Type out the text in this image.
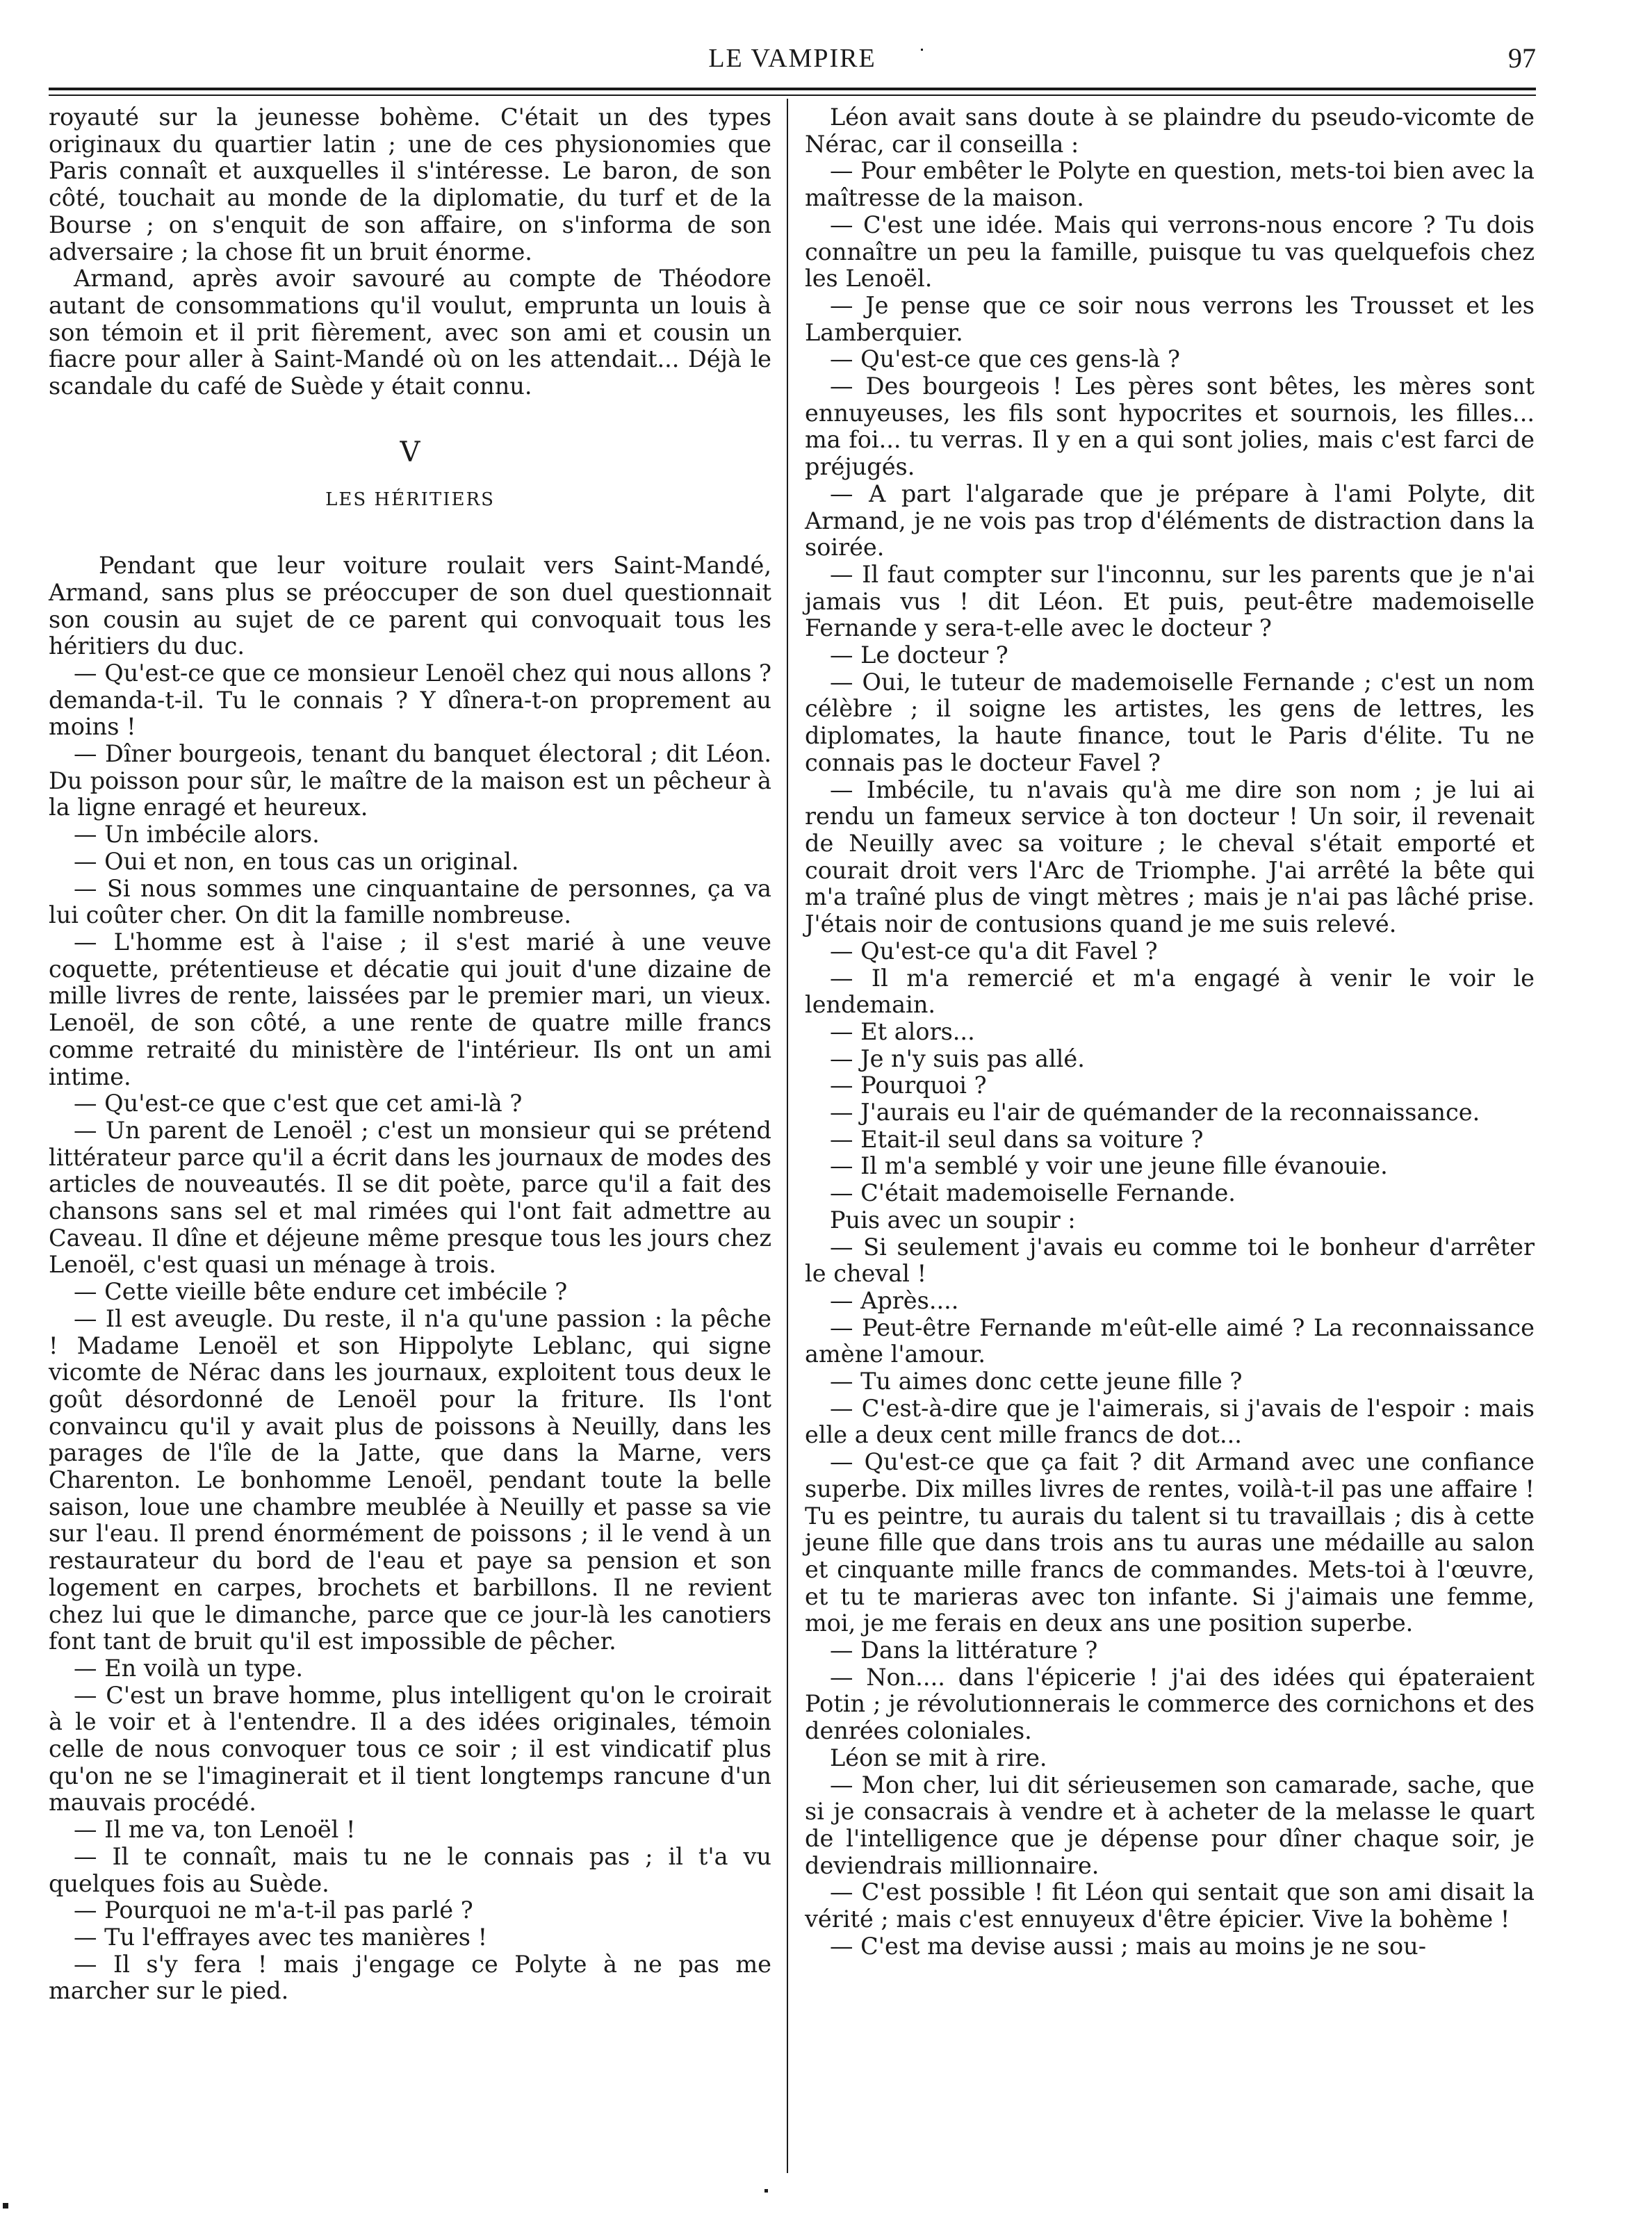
LE VAMPIRE	97

royauté sur la jeunesse bohème. C'était un des types originaux du quartier latin ; une de ces physionomies que Paris connaît et auxquelles il s'intéresse. Le baron, de son côté, touchait au monde de la diplomatie, du turf et de la Bourse ; on s'enquit de son affaire, on s'informa de son adversaire ; la chose fit un bruit énorme.

Armand, après avoir savouré au compte de Théodore autant de consommations qu'il voulut, emprunta un louis à son témoin et il prit fièrement, avec son ami et cousin un fiacre pour aller à Saint-Mandé où on les attendait... Déjà le scandale du café de Suède y était connu.

V

LES HÉRITIERS

Pendant que leur voiture roulait vers Saint-Mandé, Armand, sans plus se préoccuper de son duel questionnait son cousin au sujet de ce parent qui convoquait tous les héritiers du duc.

— Qu'est-ce que ce monsieur Lenoël chez qui nous allons ? demanda-t-il. Tu le connais ? Y dînera-t-on proprement au moins !

— Dîner bourgeois, tenant du banquet électoral ; dit Léon. Du poisson pour sûr, le maître de la maison est un pêcheur à la ligne enragé et heureux.

— Un imbécile alors.

— Oui et non, en tous cas un original.

— Si nous sommes une cinquantaine de personnes, ça va lui coûter cher. On dit la famille nombreuse.

— L'homme est à l'aise ; il s'est marié à une veuve coquette, prétentieuse et décatie qui jouit d'une dizaine de mille livres de rente, laissées par le premier mari, un vieux. Lenoël, de son côté, a une rente de quatre mille francs comme retraité du ministère de l'intérieur. Ils ont un ami intime.

— Qu'est-ce que c'est que cet ami-là ?

— Un parent de Lenoël ; c'est un monsieur qui se prétend littérateur parce qu'il a écrit dans les journaux de modes des articles de nouveautés. Il se dit poète, parce qu'il a fait des chansons sans sel et mal rimées qui l'ont fait admettre au Caveau. Il dîne et déjeune même presque tous les jours chez Lenoël, c'est quasi un ménage à trois.

— Cette vieille bête endure cet imbécile ?

— Il est aveugle. Du reste, il n'a qu'une passion : la pêche ! Madame Lenoël et son Hippolyte Leblanc, qui signe vicomte de Nérac dans les journaux, exploitent tous deux le goût désordonné de Lenoël pour la friture. Ils l'ont convaincu qu'il y avait plus de poissons à Neuilly, dans les parages de l'île de la Jatte, que dans la Marne, vers Charenton. Le bonhomme Lenoël, pendant toute la belle saison, loue une chambre meublée à Neuilly et passe sa vie sur l'eau. Il prend énormément de poissons ; il le vend à un restaurateur du bord de l'eau et paye sa pension et son logement en carpes, brochets et barbillons. Il ne revient chez lui que le dimanche, parce que ce jour-là les canotiers font tant de bruit qu'il est impossible de pêcher.

— En voilà un type.

— C'est un brave homme, plus intelligent qu'on le croirait à le voir et à l'entendre. Il a des idées originales, témoin celle de nous convoquer tous ce soir ; il est vindicatif plus qu'on ne se l'imaginerait et il tient longtemps rancune d'un mauvais procédé.

— Il me va, ton Lenoël !

— Il te connaît, mais tu ne le connais pas ; il t'a vu quelques fois au Suède.

— Pourquoi ne m'a-t-il pas parlé ?

— Tu l'effrayes avec tes manières !

— Il s'y fera ! mais j'engage ce Polyte à ne pas me marcher sur le pied.

Léon avait sans doute à se plaindre du pseudo-vicomte de Nérac, car il conseilla :

— Pour embêter le Polyte en question, mets-toi bien avec la maîtresse de la maison.

— C'est une idée. Mais qui verrons-nous encore ? Tu dois connaître un peu la famille, puisque tu vas quelquefois chez les Lenoël.

— Je pense que ce soir nous verrons les Trousset et les Lamberquier.

— Qu'est-ce que ces gens-là ?

— Des bourgeois ! Les pères sont bêtes, les mères sont ennuyeuses, les fils sont hypocrites et sournois, les filles... ma foi... tu verras. Il y en a qui sont jolies, mais c'est farci de préjugés.

— A part l'algarade que je prépare à l'ami Polyte, dit Armand, je ne vois pas trop d'éléments de distraction dans la soirée.

— Il faut compter sur l'inconnu, sur les parents que je n'ai jamais vus ! dit Léon. Et puis, peut-être mademoiselle Fernande y sera-t-elle avec le docteur ?

— Le docteur ?

— Oui, le tuteur de mademoiselle Fernande ; c'est un nom célèbre ; il soigne les artistes, les gens de lettres, les diplomates, la haute finance, tout le Paris d'élite. Tu ne connais pas le docteur Favel ?

— Imbécile, tu n'avais qu'à me dire son nom ; je lui ai rendu un fameux service à ton docteur ! Un soir, il revenait de Neuilly avec sa voiture ; le cheval s'était emporté et courait droit vers l'Arc de Triomphe. J'ai arrêté la bête qui m'a traîné plus de vingt mètres ; mais je n'ai pas lâché prise. J'étais noir de contusions quand je me suis relevé.

— Qu'est-ce qu'a dit Favel ?

— Il m'a remercié et m'a engagé à venir le voir le lendemain.

— Et alors...

— Je n'y suis pas allé.

— Pourquoi ?

— J'aurais eu l'air de quémander de la reconnaissance.

— Etait-il seul dans sa voiture ?

— Il m'a semblé y voir une jeune fille évanouie.

— C'était mademoiselle Fernande.

Puis avec un soupir :

— Si seulement j'avais eu comme toi le bonheur d'arrêter le cheval !

— Après....

— Peut-être Fernande m'eût-elle aimé ? La reconnaissance amène l'amour.

— Tu aimes donc cette jeune fille ?

— C'est-à-dire que je l'aimerais, si j'avais de l'espoir : mais elle a deux cent mille francs de dot...

— Qu'est-ce que ça fait ? dit Armand avec une confiance superbe. Dix milles livres de rentes, voilà-t-il pas une affaire ! Tu es peintre, tu aurais du talent si tu travaillais ; dis à cette jeune fille que dans trois ans tu auras une médaille au salon et cinquante mille francs de commandes. Mets-toi à l'œuvre, et tu te marieras avec ton infante. Si j'aimais une femme, moi, je me ferais en deux ans une position superbe.

— Dans la littérature ?

— Non.... dans l'épicerie ! j'ai des idées qui épateraient Potin ; je révolutionnerais le commerce des cornichons et des denrées coloniales.

Léon se mit à rire.

— Mon cher, lui dit sérieusemen son camarade, sache, que si je consacrais à vendre et à acheter de la melasse le quart de l'intelligence que je dépense pour dîner chaque soir, je deviendrais millionnaire.

— C'est possible ! fit Léon qui sentait que son ami disait la vérité ; mais c'est ennuyeux d'être épicier. Vive la bohème !

— C'est ma devise aussi ; mais au moins je ne sou-
